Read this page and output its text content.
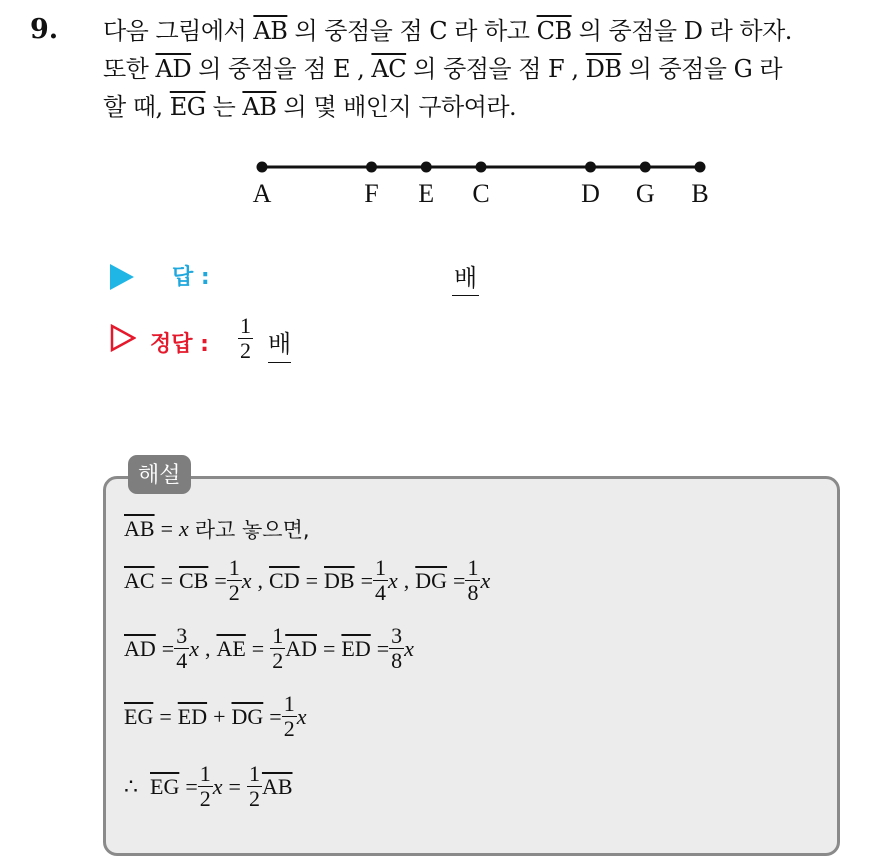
9. 다음 그림에서 $\overline{AB}$ 의 중점을 점 C 라 하고 $\overline{CB}$ 의 중점을 D 라 하자.
또한 $\overline{AD}$ 의 중점을 점 E , $\overline{AC}$ 의 중점을 점 F , $\overline{DB}$ 의 중점을 G 라
할 때, $\overline{EG}$ 는 $\overline{AB}$ 의 몇 배인지 구하여라.
A	F E C	D G B
답 :	배
정답 : $\frac{1}{2}$ 배
해설
$\overline{AB} = x$ 라고 놓으면,
$\overline{AC} = \overline{CB} = \frac{1}{2}$ x , $\overline{CD} = \overline{DB} = \frac{1}{4}$ x , $\overline{DG} = \frac{1}{8}$ x
$\overline{AD} = \frac{3}{4}$ x , $\overline{AE} = \frac{1}{2} \overline{AD} = \overline{ED} = \frac{3}{8}$ x
$\overline{EG} = \overline{ED} + \overline{DG} = \frac{1}{2}$ x
∴ $\overline{EG} = \frac{1}{2}$ $x = \frac{1}{2} \overline{AB}$
